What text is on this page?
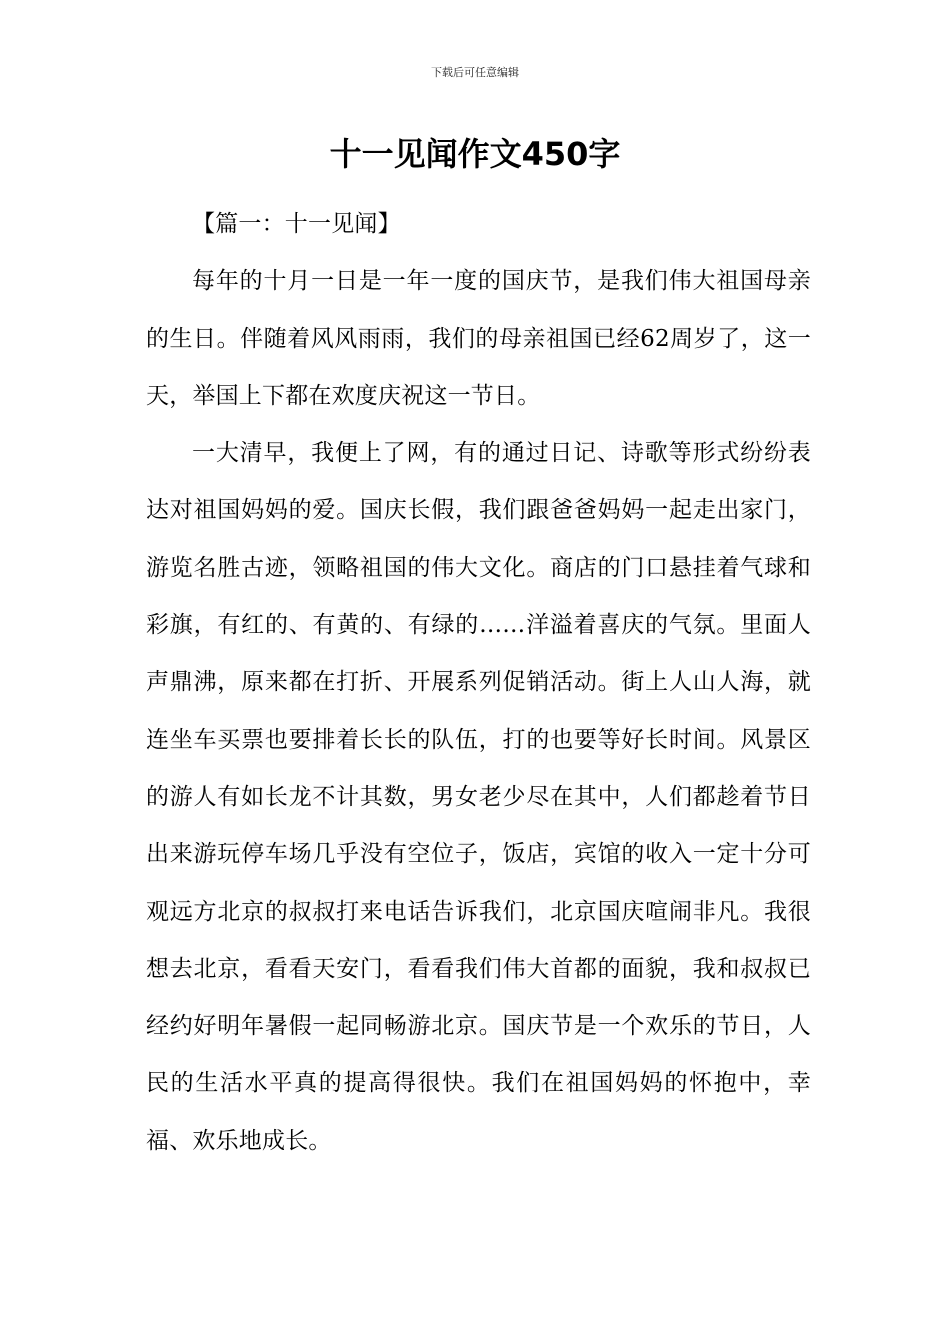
下载后可任意编辑
十一见闻作文450字

【篇一：十一见闻】

每年的十月一日是一年一度的国庆节，是我们伟大祖国母亲的生日。伴随着风风雨雨，我们的母亲祖国已经62周岁了，这一天，举国上下都在欢度庆祝这一节日。

一大清早，我便上了网，有的通过日记、诗歌等形式纷纷表达对祖国妈妈的爱。国庆长假，我们跟爸爸妈妈一起走出家门，游览名胜古迹，领略祖国的伟大文化。商店的门口悬挂着气球和彩旗，有红的、有黄的、有绿的……洋溢着喜庆的气氛。里面人声鼎沸，原来都在打折、开展系列促销活动。街上人山人海，就连坐车买票也要排着长长的队伍，打的也要等好长时间。风景区的游人有如长龙不计其数，男女老少尽在其中，人们都趁着节日出来游玩停车场几乎没有空位子，饭店，宾馆的收入一定十分可观远方北京的叔叔打来电话告诉我们，北京国庆喧闹非凡。我很想去北京，看看天安门，看看我们伟大首都的面貌，我和叔叔已经约好明年暑假一起同畅游北京。国庆节是一个欢乐的节日，人民的生活水平真的提高得很快。我们在祖国妈妈的怀抱中，幸福、欢乐地成长。
